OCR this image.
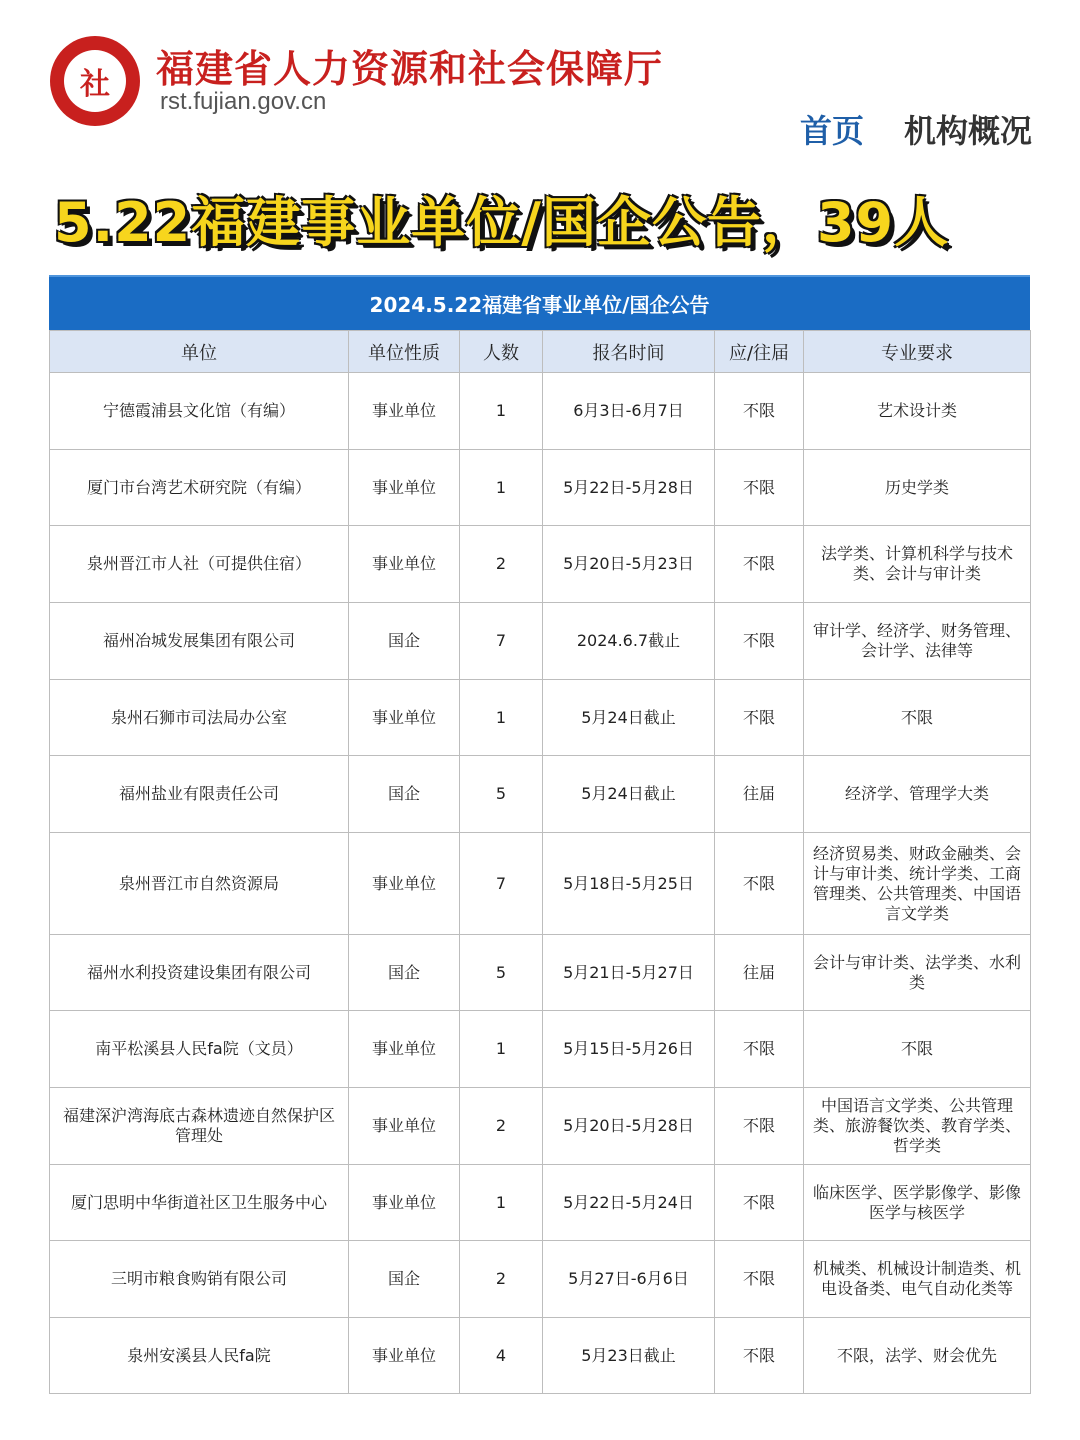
社	福建省人力资源和社会保障厅
rst.fujian.gov.cn
首页 机构概况
5.22福建事业单位/国企公告，39人
2024.5.22福建省事业单位/国企公告
单位	单位性质	人数	报名时间	应/往届	专业要求
宁德霞浦县文化馆（有编）	事业单位	1	6月3日-6月7日	不限	艺术设计类
厦门市台湾艺术研究院（有编）	事业单位	1	5月22日-5月28日	不限	历史学类
泉州晋江市人社（可提供住宿）	事业单位	2	5月20日-5月23日	不限	法学类、计算机科学与技术类、会计与审计类
福州冶城发展集团有限公司	国企	7	2024.6.7截止	不限	审计学、经济学、财务管理、会计学、法律等
泉州石狮市司法局办公室	事业单位	1	5月24日截止	不限	不限
福州盐业有限责任公司	国企	5	5月24日截止	往届	经济学、管理学大类
泉州晋江市自然资源局	事业单位	7	5月18日-5月25日	不限	经济贸易类、财政金融类、会计与审计类、统计学类、工商管理类、公共管理类、中国语言文学类
福州水利投资建设集团有限公司	国企	5	5月21日-5月27日	往届	会计与审计类、法学类、水利类
南平松溪县人民fa院（文员）	事业单位	1	5月15日-5月26日	不限	不限
福建深沪湾海底古森林遗迹自然保护区管理处	事业单位	2	5月20日-5月28日	不限	中国语言文学类、公共管理类、旅游餐饮类、教育学类、哲学类
厦门思明中华街道社区卫生服务中心	事业单位	1	5月22日-5月24日	不限	临床医学、医学影像学、影像医学与核医学
三明市粮食购销有限公司	国企	2	5月27日-6月6日	不限	机械类、机械设计制造类、机电设备类、电气自动化类等
泉州安溪县人民fa院	事业单位	4	5月23日截止	不限	不限，法学、财会优先
